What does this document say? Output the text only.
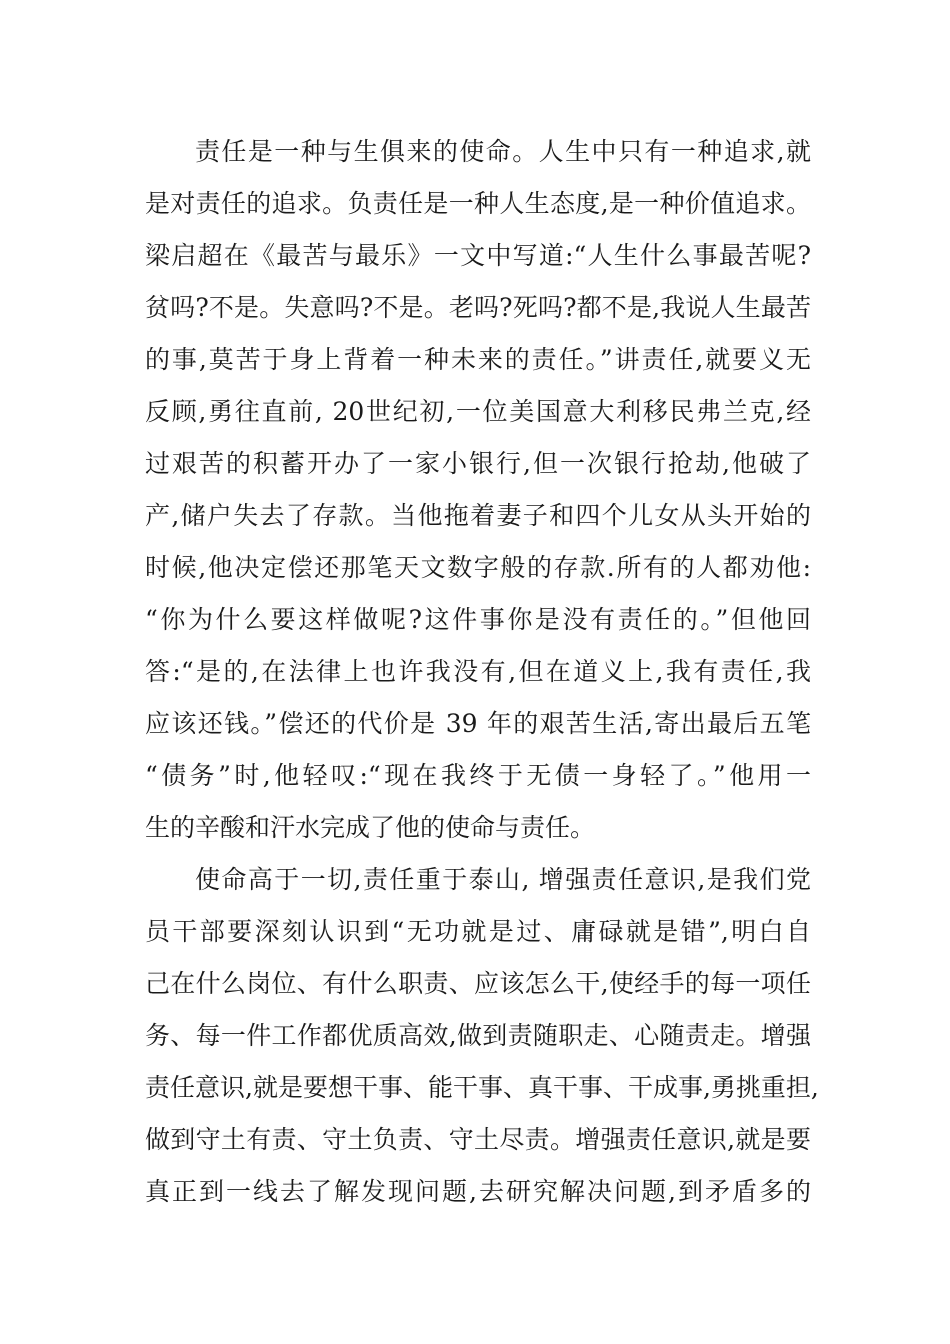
责任是一种与生俱来的使命。人生中只有一种追求,就
是对责任的追求。负责任是一种人生态度,是一种价值追求。
梁启超在《最苦与最乐》一文中写道:“人生什么事最苦呢?
贫吗?不是。失意吗?不是。老吗?死吗?都不是,我说人生最苦
的事,莫苦于身上背着一种未来的责任。”讲责任,就要义无
反顾,勇往直前, 20世纪初,一位美国意大利移民弗兰克,经
过艰苦的积蓄开办了一家小银行,但一次银行抢劫,他破了
产,储户失去了存款。当他拖着妻子和四个儿女从头开始的
时候,他决定偿还那笔天文数字般的存款.所有的人都劝他:
“你为什么要这样做呢?这件事你是没有责任的。”但他回
答:“是的,在法律上也许我没有,但在道义上,我有责任,我
应该还钱。”偿还的代价是 39 年的艰苦生活,寄出最后五笔
“债务”时,他轻叹:“现在我终于无债一身轻了。”他用一
生的辛酸和汗水完成了他的使命与责任。
使命高于一切,责任重于泰山, 增强责任意识,是我们党
员干部要深刻认识到“无功就是过、庸碌就是错”,明白自
己在什么岗位、有什么职责、应该怎么干,使经手的每一项任
务、每一件工作都优质高效,做到责随职走、心随责走。增强
责任意识,就是要想干事、能干事、真干事、干成事,勇挑重担,
做到守土有责、守土负责、守土尽责。增强责任意识,就是要
真正到一线去了解发现问题,去研究解决问题,到矛盾多的
